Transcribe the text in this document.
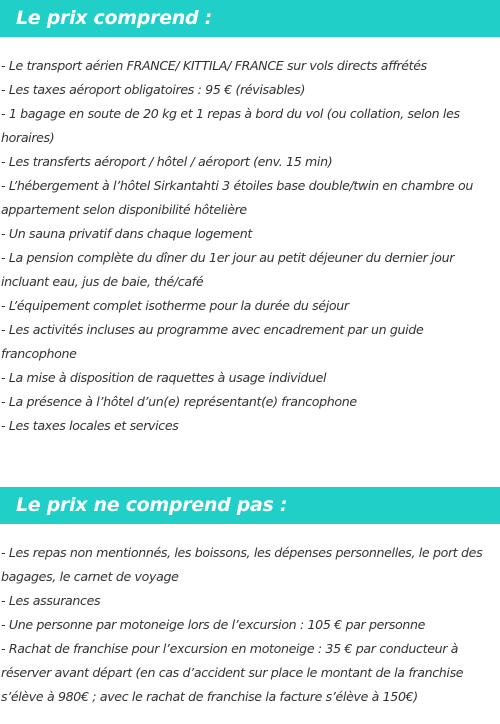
Le prix comprend :
- Le transport aérien FRANCE/ KITTILA/ FRANCE sur vols directs affrétés
- Les taxes aéroport obligatoires : 95 € (révisables)
- 1 bagage en soute de 20 kg et 1 repas à bord du vol (ou collation, selon les horaires)
- Les transferts aéroport / hôtel / aéroport (env. 15 min)
- L’hébergement à l’hôtel Sirkantahti 3 étoiles base double/twin en chambre ou appartement selon disponibilité hôtelière
- Un sauna privatif dans chaque logement
- La pension complète du dîner du 1er jour au petit déjeuner du dernier jour incluant eau, jus de baie, thé/café
- L’équipement complet isotherme pour la durée du séjour
- Les activités incluses au programme avec encadrement par un guide francophone
- La mise à disposition de raquettes à usage individuel
- La présence à l’hôtel d’un(e) représentant(e) francophone
- Les taxes locales et services
Le prix ne comprend pas :
- Les repas non mentionnés, les boissons, les dépenses personnelles, le port des bagages, le carnet de voyage
- Les assurances
- Une personne par motoneige lors de l’excursion : 105 € par personne
- Rachat de franchise pour l’excursion en motoneige : 35 € par conducteur à réserver avant départ (en cas d’accident sur place le montant de la franchise s’élève à 980€ ; avec le rachat de franchise la facture s’élève à 150€)
